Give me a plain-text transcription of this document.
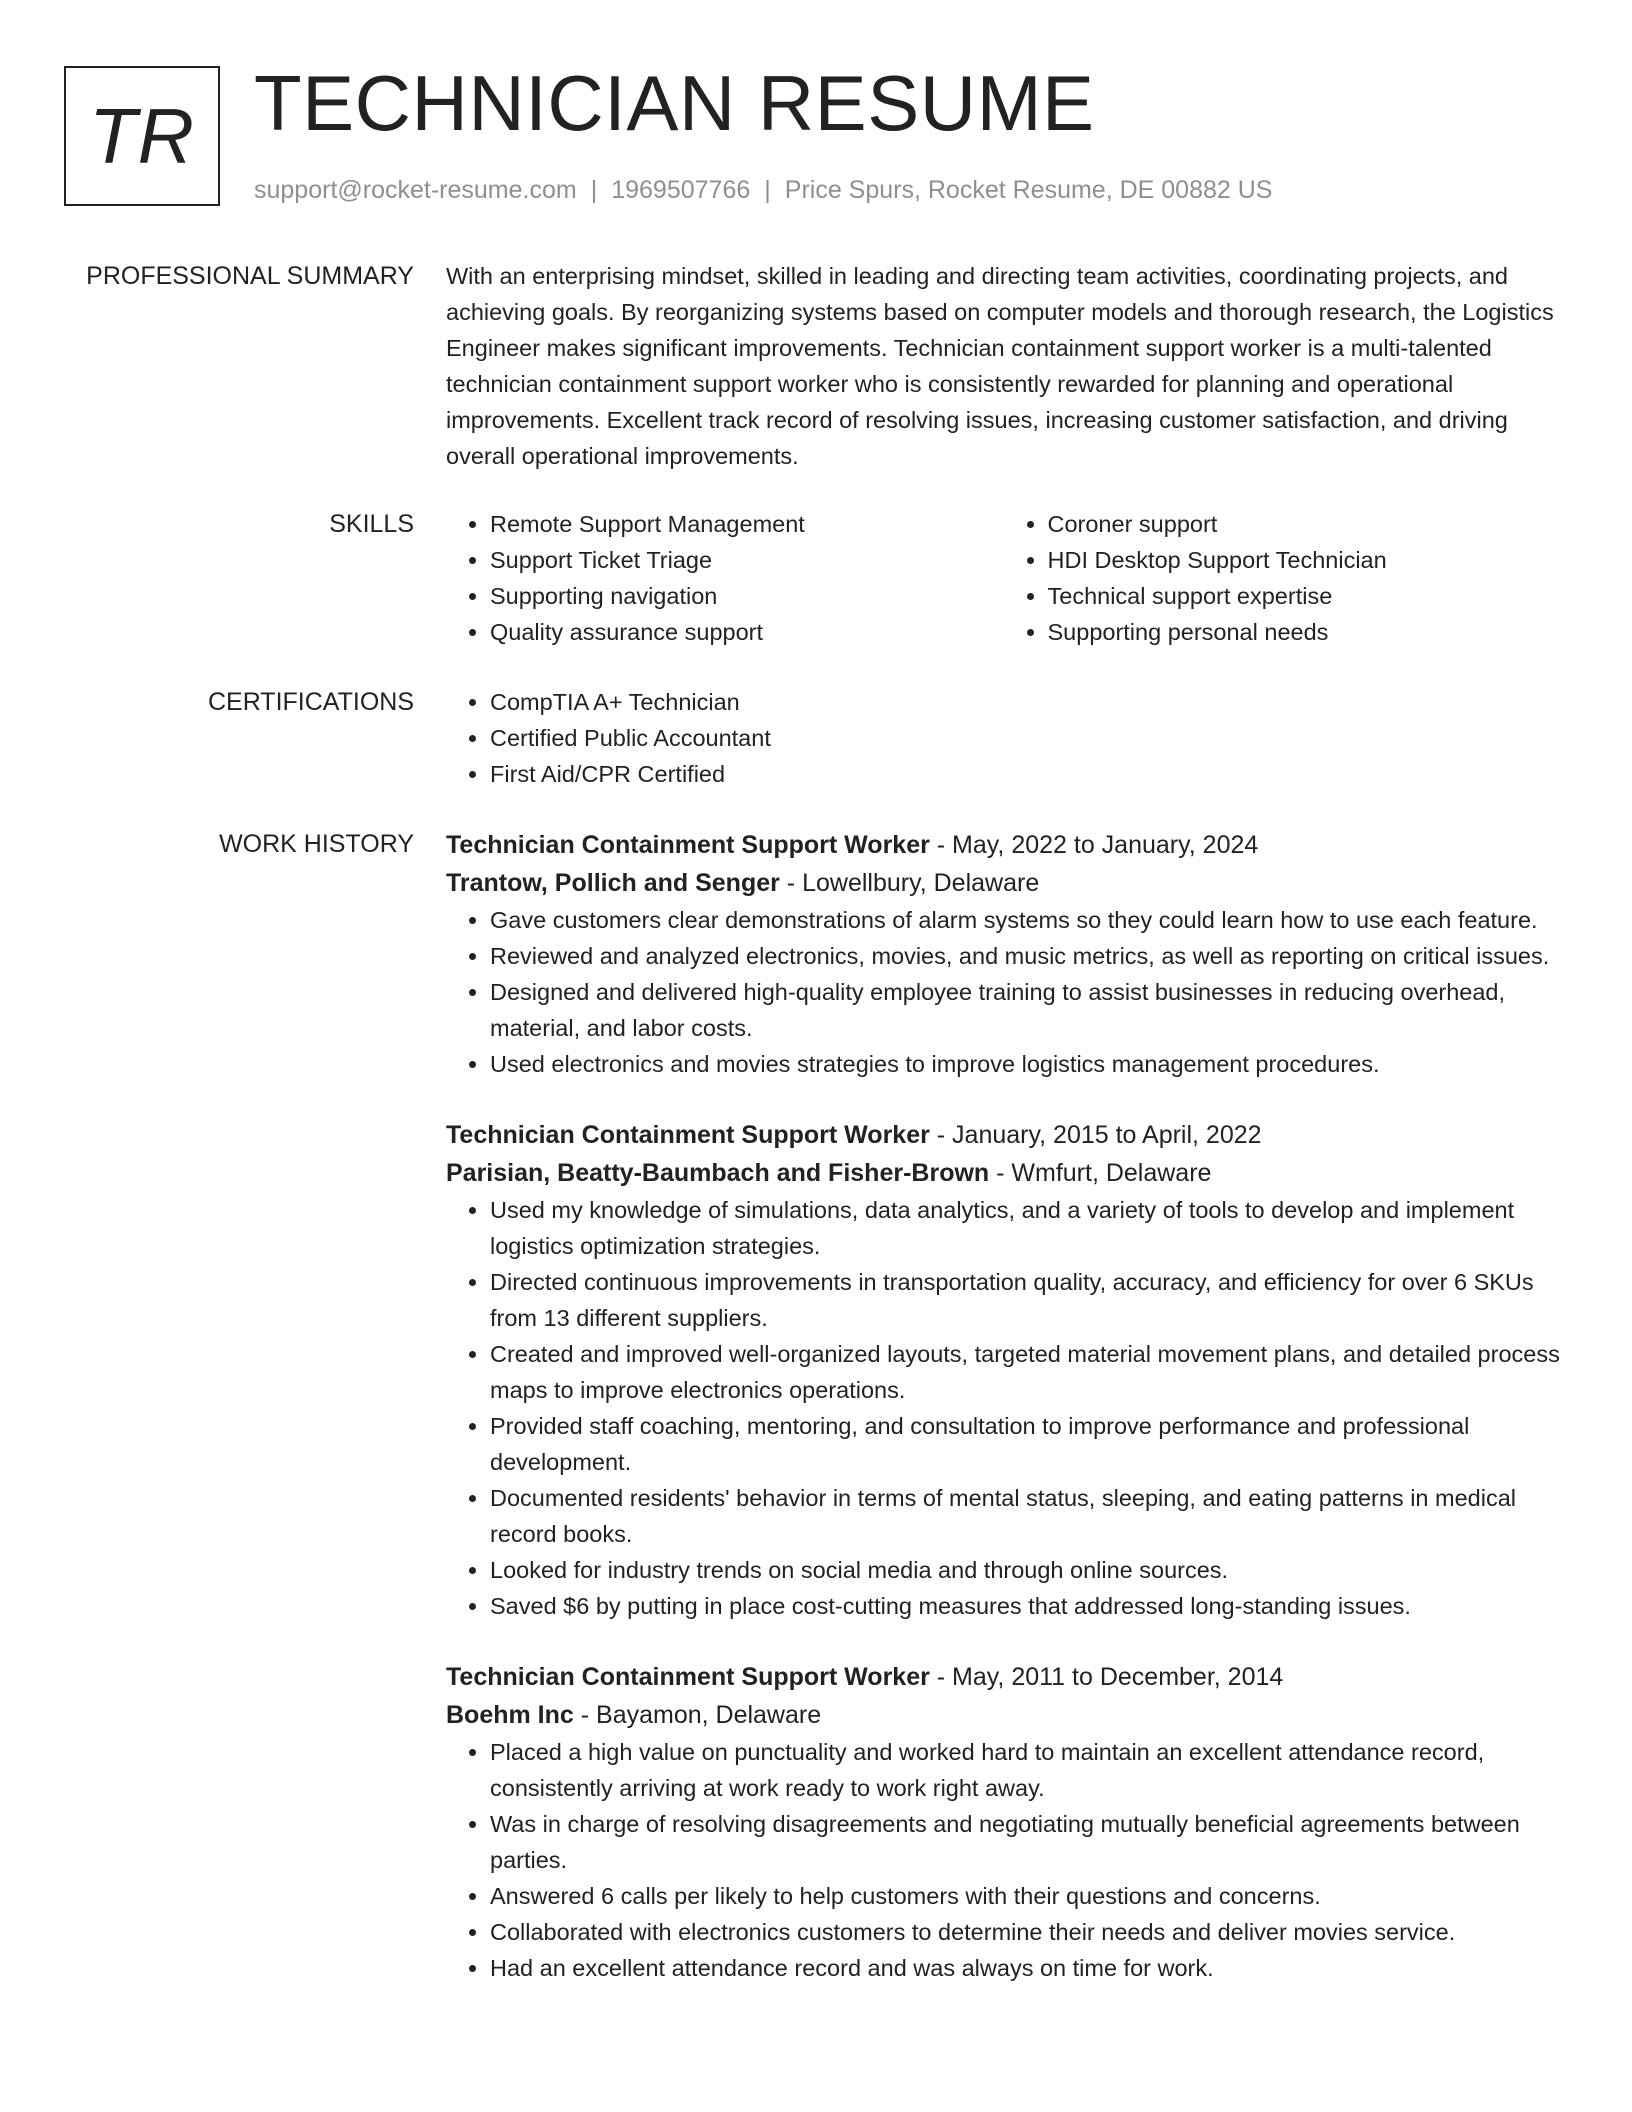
TR TECHNICIAN RESUME
support@rocket-resume.com | 1969507766 | Price Spurs, Rocket Resume, DE 00882 US
PROFESSIONAL SUMMARY With an enterprising mindset, skilled in leading and directing team activities, coordinating projects, and achieving goals. By reorganizing systems based on computer models and thorough research, the Logistics Engineer makes significant improvements. Technician containment support worker is a multi-talented technician containment support worker who is consistently rewarded for planning and operational improvements. Excellent track record of resolving issues, increasing customer satisfaction, and driving overall operational improvements.

SKILLS	• Remote Support Management
• Support Ticket Triage
• Supporting navigation
• Quality assurance support
• Coroner support
• HDI Desktop Support Technician
• Technical support expertise
• Supporting personal needs
CERTIFICATIONS	• CompTIA A+ Technician
• Certified Public Accountant
• First Aid/CPR Certified
WORK HISTORY Technician Containment Support Worker - May, 2022 to January, 2024
Trantow, Pollich and Senger - Lowellbury, Delaware
• Gave customers clear demonstrations of alarm systems so they could learn how to use each feature.
• Reviewed and analyzed electronics, movies, and music metrics, as well as reporting on critical issues.
• Designed and delivered high-quality employee training to assist businesses in reducing overhead, material, and labor costs.
• Used electronics and movies strategies to improve logistics management procedures.
Technician Containment Support Worker - January, 2015 to April, 2022
Parisian, Beatty-Baumbach and Fisher-Brown - Wmfurt, Delaware
• Used my knowledge of simulations, data analytics, and a variety of tools to develop and implement logistics optimization strategies.
• Directed continuous improvements in transportation quality, accuracy, and efficiency for over 6 SKUs from 13 different suppliers.
• Created and improved well-organized layouts, targeted material movement plans, and detailed process maps to improve electronics operations.
• Provided staff coaching, mentoring, and consultation to improve performance and professional development.
• Documented residents' behavior in terms of mental status, sleeping, and eating patterns in medical record books.
• Looked for industry trends on social media and through online sources.
• Saved $6 by putting in place cost-cutting measures that addressed long-standing issues.
Technician Containment Support Worker - May, 2011 to December, 2014
Boehm Inc - Bayamon, Delaware
• Placed a high value on punctuality and worked hard to maintain an excellent attendance record, consistently arriving at work ready to work right away.
• Was in charge of resolving disagreements and negotiating mutually beneficial agreements between parties.
• Answered 6 calls per likely to help customers with their questions and concerns.
• Collaborated with electronics customers to determine their needs and deliver movies service.
• Had an excellent attendance record and was always on time for work.
